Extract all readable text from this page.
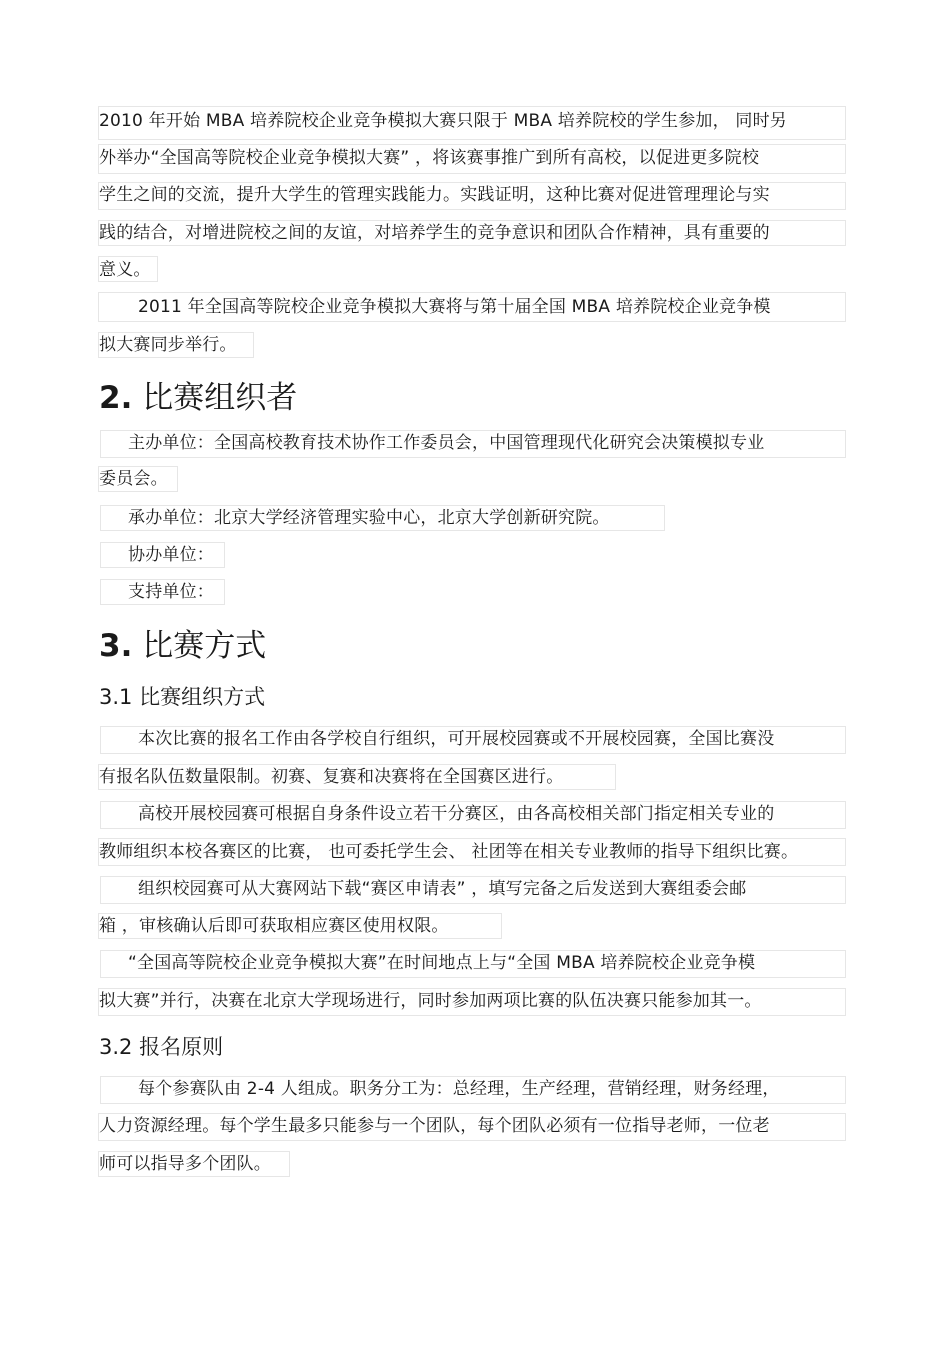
2010 年开始 MBA 培养院校企业竞争模拟大赛只限于 MBA 培养院校的学生参加， 同时另
外举办“全国高等院校企业竞争模拟大赛” ，将该赛事推广到所有高校，以促进更多院校
学生之间的交流，提升大学生的管理实践能力。实践证明，这种比赛对促进管理理论与实
践的结合，对增进院校之间的友谊，对培养学生的竞争意识和团队合作精神，具有重要的
意义。
2011 年全国高等院校企业竞争模拟大赛将与第十届全国 MBA 培养院校企业竞争模
拟大赛同步举行。
2. 比赛组织者
主办单位：全国高校教育技术协作工作委员会，中国管理现代化研究会决策模拟专业
委员会。
承办单位：北京大学经济管理实验中心，北京大学创新研究院。
协办单位：
支持单位：
3. 比赛方式
3.1 比赛组织方式
本次比赛的报名工作由各学校自行组织，可开展校园赛或不开展校园赛，全国比赛没
有报名队伍数量限制。初赛、复赛和决赛将在全国赛区进行。
高校开展校园赛可根据自身条件设立若干分赛区，由各高校相关部门指定相关专业的
教师组织本校各赛区的比赛， 也可委托学生会、 社团等在相关专业教师的指导下组织比赛。
组织校园赛可从大赛网站下载“赛区申请表” ，填写完备之后发送到大赛组委会邮
箱 ，审核确认后即可获取相应赛区使用权限。
“全国高等院校企业竞争模拟大赛”在时间地点上与“全国 MBA 培养院校企业竞争模
拟大赛”并行，决赛在北京大学现场进行，同时参加两项比赛的队伍决赛只能参加其一。
3.2 报名原则
每个参赛队由 2-4 人组成。职务分工为：总经理，生产经理，营销经理，财务经理，
人力资源经理。每个学生最多只能参与一个团队，每个团队必须有一位指导老师，一位老
师可以指导多个团队。
